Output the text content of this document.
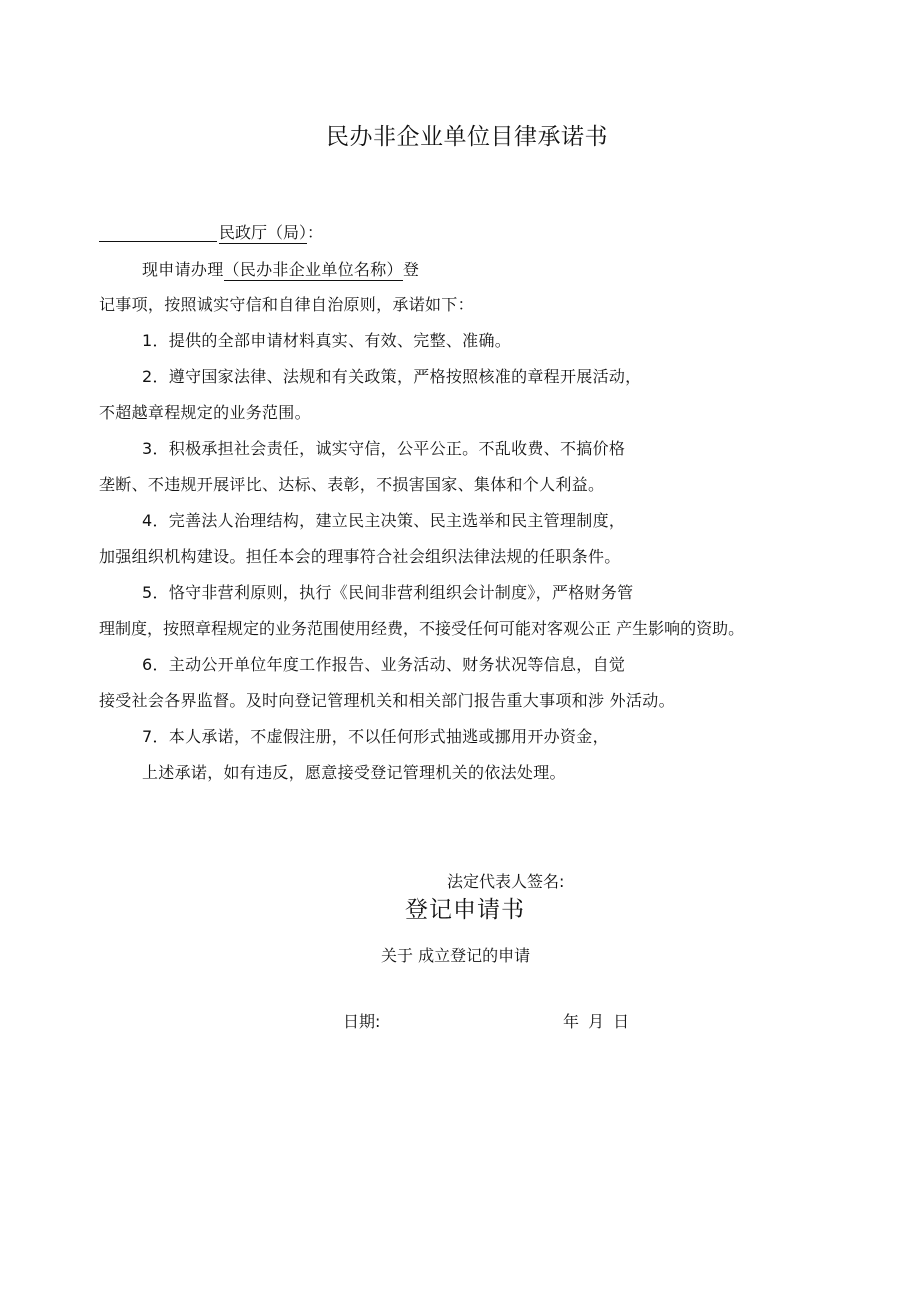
民办非企业单位目律承诺书
民政厅（局）：
现申请办理（民办非企业单位名称）登
记事项，按照诚实守信和自律自治原则，承诺如下：
1．提供的全部申请材料真实、有效、完整、准确。
2．遵守国家法律、法规和有关政策，严格按照核准的章程开展活动，
不超越章程规定的业务范围。
3．积极承担社会责任，诚实守信，公平公正。不乱收费、不搞价格
垄断、不违规开展评比、达标、表彰，不损害国家、集体和个人利益。
4．完善法人治理结构，建立民主决策、民主选举和民主管理制度，
加强组织机构建设。担任本会的理事符合社会组织法律法规的任职条件。
5．恪守非营利原则，执行《民间非营利组织会计制度》，严格财务管
理制度，按照章程规定的业务范围使用经费，不接受任何可能对客观公正 产生影响的资助。
6．主动公开单位年度工作报告、业务活动、财务状况等信息，自觉
接受社会各界监督。及时向登记管理机关和相关部门报告重大事项和涉 外活动。
7．本人承诺，不虚假注册，不以任何形式抽逃或挪用开办资金，
上述承诺，如有违反，愿意接受登记管理机关的依法处理。
法定代表人签名:
登记申请书
关于 成立登记的申请
日期:	年 月 日
